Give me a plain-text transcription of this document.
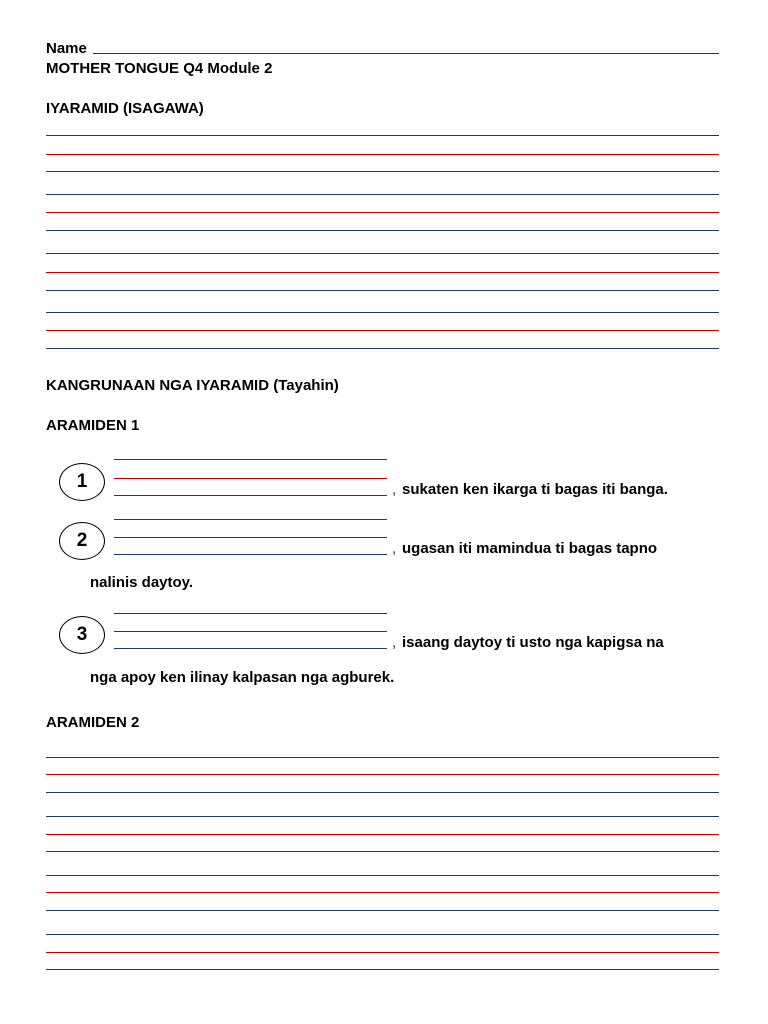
Name
MOTHER TONGUE Q4 Module 2
IYARAMID (ISAGAWA)
KANGRUNAAN NGA IYARAMID (Tayahin)
ARAMIDEN 1
1	, sukaten ken ikarga ti bagas iti banga.
2	, ugasan iti mamindua ti bagas tapno
nalinis daytoy.
3	, isaang daytoy ti usto nga kapigsa na
nga apoy ken ilinay kalpasan nga agburek.
ARAMIDEN 2
